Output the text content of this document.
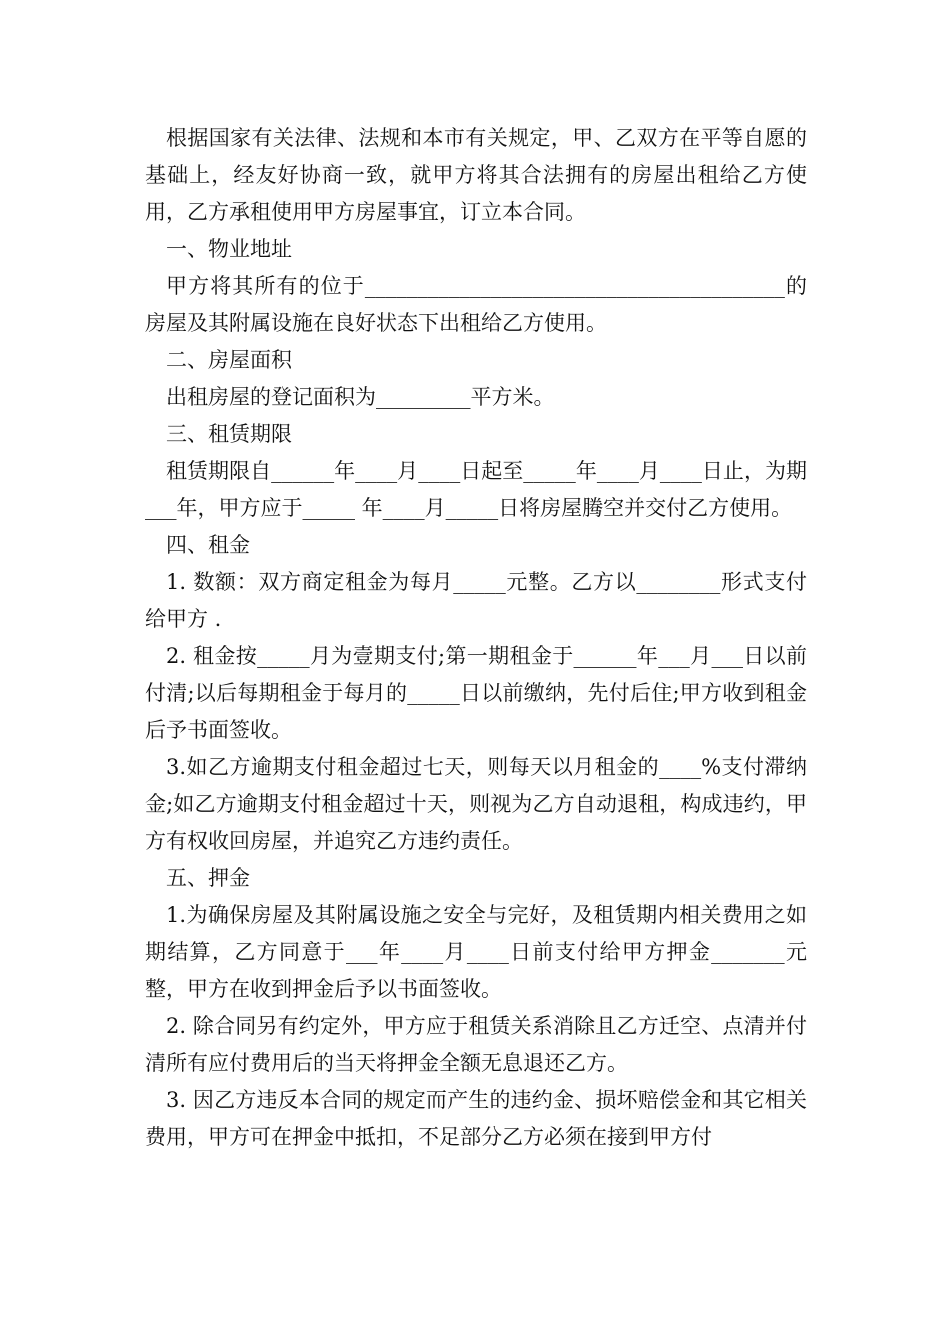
根据国家有关法律、法规和本市有关规定，甲、乙双方在平等自愿的基础上，经友好协商一致，就甲方将其合法拥有的房屋出租给乙方使用，乙方承租使用甲方房屋事宜，订立本合同。

一、物业地址

甲方将其所有的位于________________________________________的房屋及其附属设施在良好状态下出租给乙方使用。

二、房屋面积

出租房屋的登记面积为_________平方米。

三、租赁期限

租赁期限自______年____月____日起至_____年____月____日止，为期___年，甲方应于_____ 年____月_____日将房屋腾空并交付乙方使用。

四、租金

1. 数额：双方商定租金为每月_____元整。乙方以________形式支付给甲方 .

2. 租金按_____月为壹期支付;第一期租金于______年___月___日以前付清;以后每期租金于每月的_____日以前缴纳，先付后住;甲方收到租金后予书面签收。

3.如乙方逾期支付租金超过七天，则每天以月租金的____%支付滞纳金;如乙方逾期支付租金超过十天，则视为乙方自动退租，构成违约，甲方有权收回房屋，并追究乙方违约责任。

五、押金

1.为确保房屋及其附属设施之安全与完好，及租赁期内相关费用之如期结算，乙方同意于___年____月____日前支付给甲方押金_______元整，甲方在收到押金后予以书面签收。

2. 除合同另有约定外，甲方应于租赁关系消除且乙方迁空、点清并付清所有应付费用后的当天将押金全额无息退还乙方。

3. 因乙方违反本合同的规定而产生的违约金、损坏赔偿金和其它相关费用，甲方可在押金中抵扣，不足部分乙方必须在接到甲方付
